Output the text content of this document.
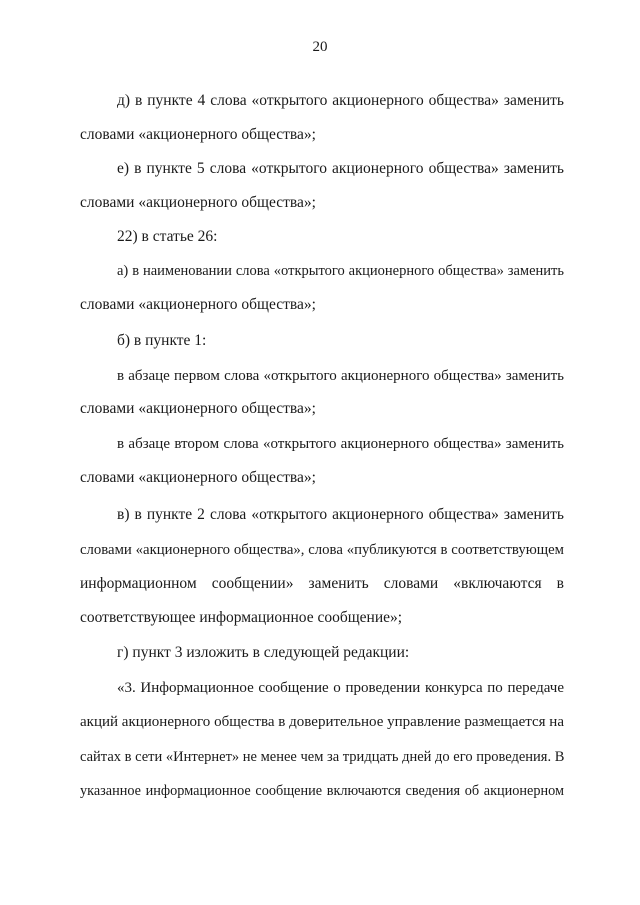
20
д) в пункте 4 слова «открытого акционерного общества» заменить
словами «акционерного общества»;
е) в пункте 5 слова «открытого акционерного общества» заменить
словами «акционерного общества»;
22) в статье 26:
а) в наименовании слова «открытого акционерного общества» заменить
словами «акционерного общества»;
б) в пункте 1:
в абзаце первом слова «открытого акционерного общества» заменить
словами «акционерного общества»;
в абзаце втором слова «открытого акционерного общества» заменить
словами «акционерного общества»;
в) в пункте 2 слова «открытого акционерного общества» заменить
словами «акционерного общества», слова «публикуются в соответствующем
информационном сообщении» заменить словами «включаются в
соответствующее информационное сообщение»;
г) пункт 3 изложить в следующей редакции:
«3. Информационное сообщение о проведении конкурса по передаче
акций акционерного общества в доверительное управление размещается на
сайтах в сети «Интернет» не менее чем за тридцать дней до его проведения. В
указанное информационное сообщение включаются сведения об акционерном
